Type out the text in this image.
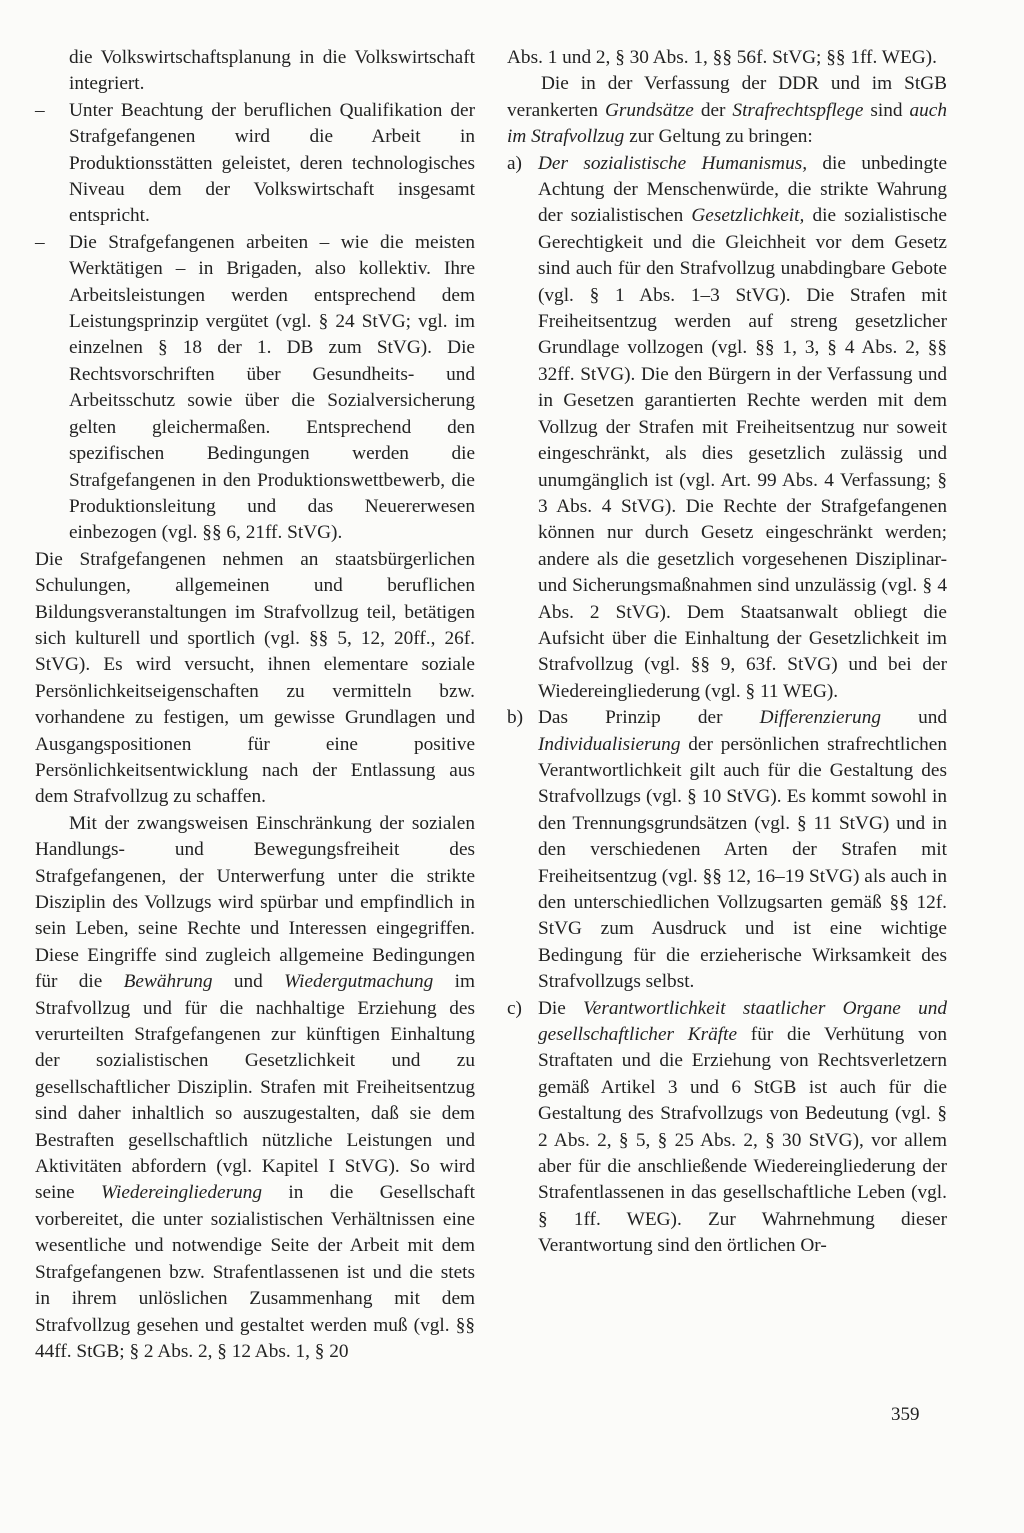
die Volkswirtschaftsplanung in die Volkswirtschaft integriert.

– Unter Beachtung der beruflichen Qualifikation der Strafgefangenen wird die Arbeit in Produktionsstätten geleistet, deren technologisches Niveau dem der Volkswirtschaft insgesamt entspricht.

– Die Strafgefangenen arbeiten – wie die meisten Werktätigen – in Brigaden, also kollektiv. Ihre Arbeitsleistungen werden entsprechend dem Leistungsprinzip vergütet (vgl. § 24 StVG; vgl. im einzelnen § 18 der 1. DB zum StVG). Die Rechtsvorschriften über Gesundheits- und Arbeitsschutz sowie über die Sozialversicherung gelten gleichermaßen. Entsprechend den spezifischen Bedingungen werden die Strafgefangenen in den Produktionswettbewerb, die Produktionsleitung und das Neuererwesen einbezogen (vgl. §§ 6, 21ff. StVG).

Die Strafgefangenen nehmen an staatsbürgerlichen Schulungen, allgemeinen und beruflichen Bildungsveranstaltungen im Strafvollzug teil, betätigen sich kulturell und sportlich (vgl. §§ 5, 12, 20ff., 26f. StVG). Es wird versucht, ihnen elementare soziale Persönlichkeitseigenschaften zu vermitteln bzw. vorhandene zu festigen, um gewisse Grundlagen und Ausgangspositionen für eine positive Persönlichkeitsentwicklung nach der Entlassung aus dem Strafvollzug zu schaffen.

Mit der zwangsweisen Einschränkung der sozialen Handlungs- und Bewegungsfreiheit des Strafgefangenen, der Unterwerfung unter die strikte Disziplin des Vollzugs wird spürbar und empfindlich in sein Leben, seine Rechte und Interessen eingegriffen. Diese Eingriffe sind zugleich allgemeine Bedingungen für die Bewährung und Wiedergutmachung im Strafvollzug und für die nachhaltige Erziehung des verurteilten Strafgefangenen zur künftigen Einhaltung der sozialistischen Gesetzlichkeit und zu gesellschaftlicher Disziplin. Strafen mit Freiheitsentzug sind daher inhaltlich so auszugestalten, daß sie dem Bestraften gesellschaftlich nützliche Leistungen und Aktivitäten abfordern (vgl. Kapitel I StVG). So wird seine Wiedereingliederung in die Gesellschaft vorbereitet, die unter sozialistischen Verhältnissen eine wesentliche und notwendige Seite der Arbeit mit dem Strafgefangenen bzw. Strafentlassenen ist und die stets in ihrem unlöslichen Zusammenhang mit dem Strafvollzug gesehen und gestaltet werden muß (vgl. §§ 44ff. StGB; § 2 Abs. 2, § 12 Abs. 1, § 20

Abs. 1 und 2, § 30 Abs. 1, §§ 56f. StVG; §§ 1ff. WEG).

Die in der Verfassung der DDR und im StGB verankerten Grundsätze der Strafrechtspflege sind auch im Strafvollzug zur Geltung zu bringen:

a) Der sozialistische Humanismus, die unbedingte Achtung der Menschenwürde, die strikte Wahrung der sozialistischen Gesetzlichkeit, die sozialistische Gerechtigkeit und die Gleichheit vor dem Gesetz sind auch für den Strafvollzug unabdingbare Gebote (vgl. § 1 Abs. 1–3 StVG). Die Strafen mit Freiheitsentzug werden auf streng gesetzlicher Grundlage vollzogen (vgl. §§ 1, 3, § 4 Abs. 2, §§ 32ff. StVG). Die den Bürgern in der Verfassung und in Gesetzen garantierten Rechte werden mit dem Vollzug der Strafen mit Freiheitsentzug nur soweit eingeschränkt, als dies gesetzlich zulässig und unumgänglich ist (vgl. Art. 99 Abs. 4 Verfassung; § 3 Abs. 4 StVG). Die Rechte der Strafgefangenen können nur durch Gesetz eingeschränkt werden; andere als die gesetzlich vorgesehenen Disziplinar- und Sicherungsmaßnahmen sind unzulässig (vgl. § 4 Abs. 2 StVG). Dem Staatsanwalt obliegt die Aufsicht über die Einhaltung der Gesetzlichkeit im Strafvollzug (vgl. §§ 9, 63f. StVG) und bei der Wiedereingliederung (vgl. § 11 WEG).

b) Das Prinzip der Differenzierung und Individualisierung der persönlichen strafrechtlichen Verantwortlichkeit gilt auch für die Gestaltung des Strafvollzugs (vgl. § 10 StVG). Es kommt sowohl in den Trennungsgrundsätzen (vgl. § 11 StVG) und in den verschiedenen Arten der Strafen mit Freiheitsentzug (vgl. §§ 12, 16–19 StVG) als auch in den unterschiedlichen Vollzugsarten gemäß §§ 12f. StVG zum Ausdruck und ist eine wichtige Bedingung für die erzieherische Wirksamkeit des Strafvollzugs selbst.

c) Die Verantwortlichkeit staatlicher Organe und gesellschaftlicher Kräfte für die Verhütung von Straftaten und die Erziehung von Rechtsverletzern gemäß Artikel 3 und 6 StGB ist auch für die Gestaltung des Strafvollzugs von Bedeutung (vgl. § 2 Abs. 2, § 5, § 25 Abs. 2, § 30 StVG), vor allem aber für die anschließende Wiedereingliederung der Strafentlassenen in das gesellschaftliche Leben (vgl. § 1ff. WEG). Zur Wahrnehmung dieser Verantwortung sind den örtlichen Or-

359
